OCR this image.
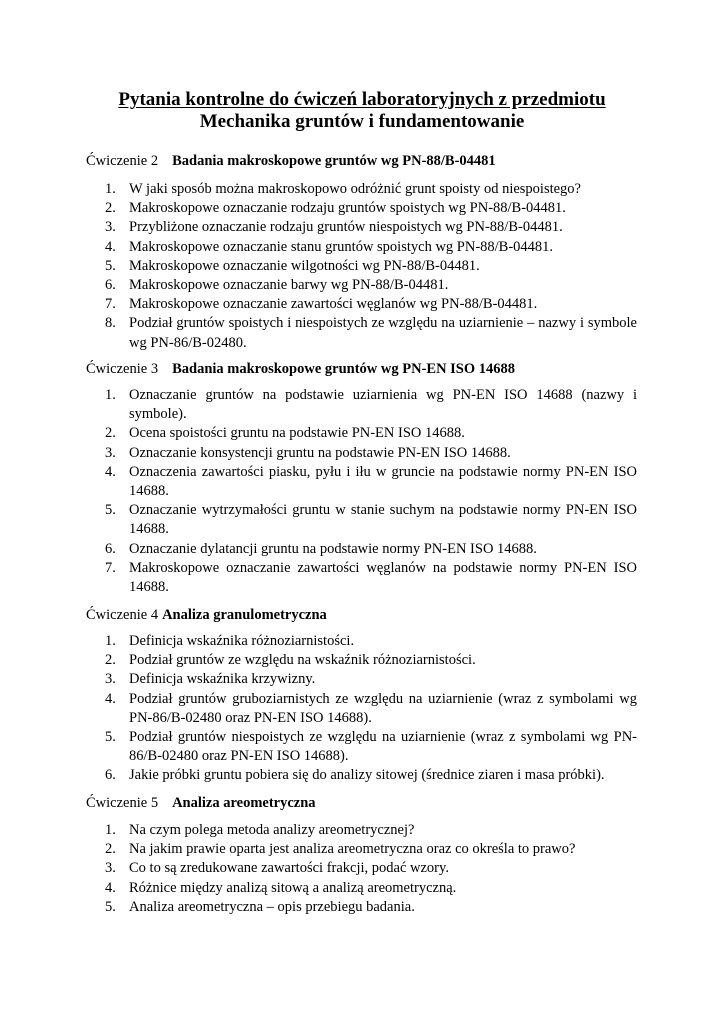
Pytania kontrolne do ćwiczeń laboratoryjnych z przedmiotu
Mechanika gruntów i fundamentowanie
Ćwiczenie 2 Badania makroskopowe gruntów wg PN-88/B-04481
1. W jaki sposób można makroskopowo odróżnić grunt spoisty od niespoistego?
2. Makroskopowe oznaczanie rodzaju gruntów spoistych wg PN-88/B-04481.
3. Przybliżone oznaczanie rodzaju gruntów niespoistych wg PN-88/B-04481.
4. Makroskopowe oznaczanie stanu gruntów spoistych wg PN-88/B-04481.
5. Makroskopowe oznaczanie wilgotności wg PN-88/B-04481.
6. Makroskopowe oznaczanie barwy wg PN-88/B-04481.
7. Makroskopowe oznaczanie zawartości węglanów wg PN-88/B-04481.
8. Podział gruntów spoistych i niespoistych ze względu na uziarnienie – nazwy i symbole wg PN-86/B-02480.
Ćwiczenie 3 Badania makroskopowe gruntów wg PN-EN ISO 14688
1. Oznaczanie gruntów na podstawie uziarnienia wg PN-EN ISO 14688 (nazwy i symbole).
2. Ocena spoistości gruntu na podstawie PN-EN ISO 14688.
3. Oznaczanie konsystencji gruntu na podstawie PN-EN ISO 14688.
4. Oznaczenia zawartości piasku, pyłu i iłu w gruncie na podstawie normy PN-EN ISO 14688.
5. Oznaczanie wytrzymałości gruntu w stanie suchym na podstawie normy PN-EN ISO 14688.
6. Oznaczanie dylatancji gruntu na podstawie normy PN-EN ISO 14688.
7. Makroskopowe oznaczanie zawartości węglanów na podstawie normy PN-EN ISO 14688.
Ćwiczenie 4 Analiza granulometryczna
1. Definicja wskaźnika różnoziarnistości.
2. Podział gruntów ze względu na wskaźnik różnoziarnistości.
3. Definicja wskaźnika krzywizny.
4. Podział gruntów gruboziarnistych ze względu na uziarnienie (wraz z symbolami wg PN-86/B-02480 oraz PN-EN ISO 14688).
5. Podział gruntów niespoistych ze względu na uziarnienie (wraz z symbolami wg PN-86/B-02480 oraz PN-EN ISO 14688).
6. Jakie próbki gruntu pobiera się do analizy sitowej (średnice ziaren i masa próbki).
Ćwiczenie 5 Analiza areometryczna
1. Na czym polega metoda analizy areometrycznej?
2. Na jakim prawie oparta jest analiza areometryczna oraz co określa to prawo?
3. Co to są zredukowane zawartości frakcji, podać wzory.
4. Różnice między analizą sitową a analizą areometryczną.
5. Analiza areometryczna – opis przebiegu badania.
